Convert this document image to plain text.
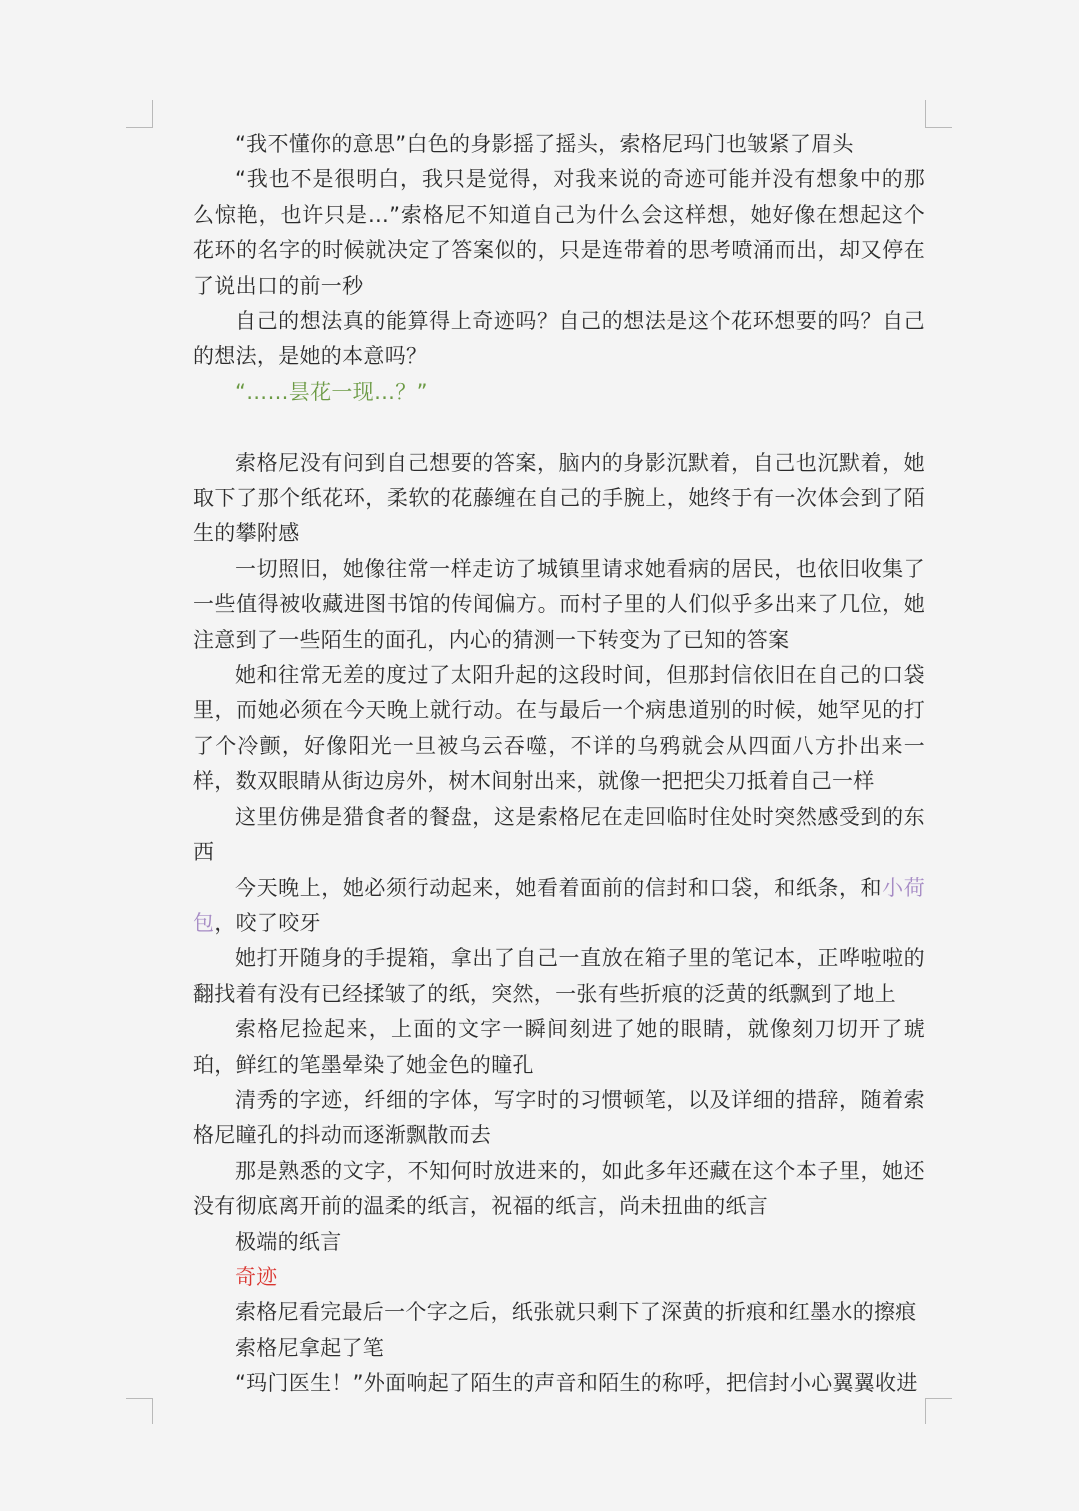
“我不懂你的意思”白色的身影摇了摇头，索格尼玛门也皱紧了眉头

“我也不是很明白，我只是觉得，对我来说的奇迹可能并没有想象中的那么惊艳，也许只是…”索格尼不知道自己为什么会这样想，她好像在想起这个花环的名字的时候就决定了答案似的，只是连带着的思考喷涌而出，却又停在了说出口的前一秒

自己的想法真的能算得上奇迹吗？自己的想法是这个花环想要的吗？自己的想法，是她的本意吗？

“……昙花一现…？”

索格尼没有问到自己想要的答案，脑内的身影沉默着，自己也沉默着，她取下了那个纸花环，柔软的花藤缠在自己的手腕上，她终于有一次体会到了陌生的攀附感

一切照旧，她像往常一样走访了城镇里请求她看病的居民，也依旧收集了一些值得被收藏进图书馆的传闻偏方。而村子里的人们似乎多出来了几位，她注意到了一些陌生的面孔，内心的猜测一下转变为了已知的答案

她和往常无差的度过了太阳升起的这段时间，但那封信依旧在自己的口袋里，而她必须在今天晚上就行动。在与最后一个病患道别的时候，她罕见的打了个冷颤，好像阳光一旦被乌云吞噬，不详的乌鸦就会从四面八方扑出来一样，数双眼睛从街边房外，树木间射出来，就像一把把尖刀抵着自己一样

这里仿佛是猎食者的餐盘，这是索格尼在走回临时住处时突然感受到的东西

今天晚上，她必须行动起来，她看着面前的信封和口袋，和纸条，和小荷包，咬了咬牙

她打开随身的手提箱，拿出了自己一直放在箱子里的笔记本，正哗啦啦的翻找着有没有已经揉皱了的纸，突然，一张有些折痕的泛黄的纸飘到了地上

索格尼捡起来，上面的文字一瞬间刻进了她的眼睛，就像刻刀切开了琥珀，鲜红的笔墨晕染了她金色的瞳孔

清秀的字迹，纤细的字体，写字时的习惯顿笔，以及详细的措辞，随着索格尼瞳孔的抖动而逐渐飘散而去

那是熟悉的文字，不知何时放进来的，如此多年还藏在这个本子里，她还没有彻底离开前的温柔的纸言，祝福的纸言，尚未扭曲的纸言

极端的纸言

奇迹

索格尼看完最后一个字之后，纸张就只剩下了深黄的折痕和红墨水的擦痕

索格尼拿起了笔

“玛门医生！”外面响起了陌生的声音和陌生的称呼，把信封小心翼翼收进
